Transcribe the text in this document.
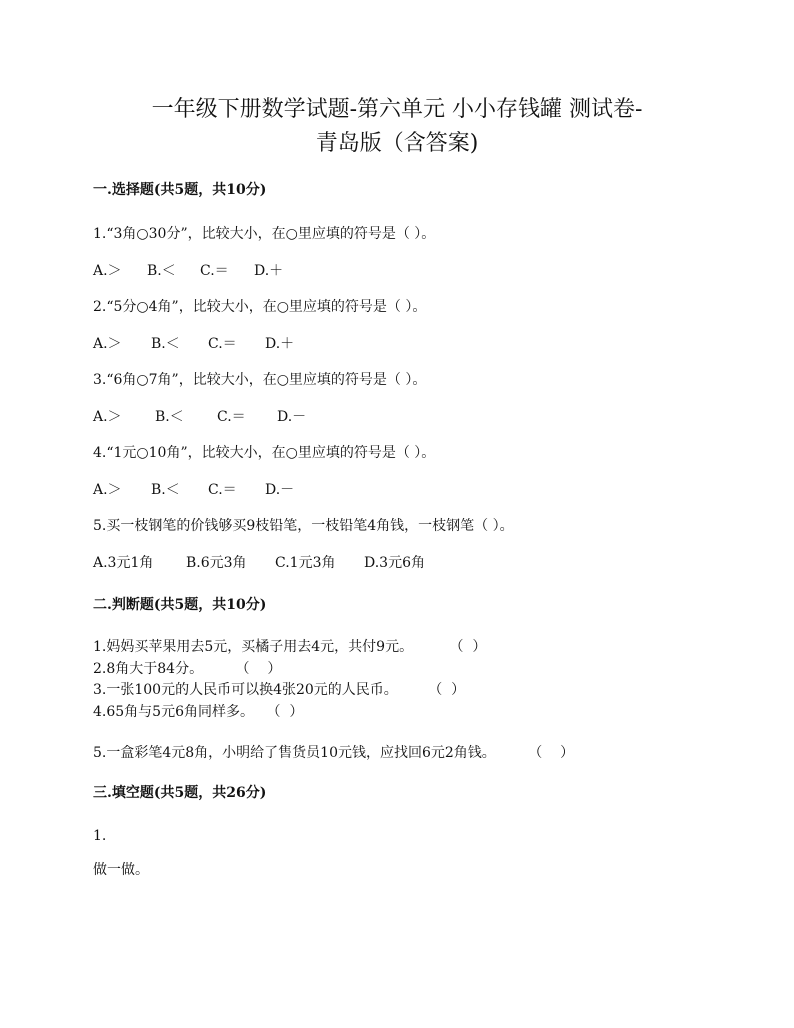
一年级下册数学试题-第六单元 小小存钱罐 测试卷-
青岛版（含答案)
一.选择题(共5题，共10分)
1.“3角○30分”，比较大小，在○里应填的符号是（ ）。
A.＞	B.＜	C.＝	D.＋
2.“5分○4角”，比较大小，在○里应填的符号是（ ）。
A.＞	B.＜	C.＝	D.＋
3.“6角○7角”，比较大小，在○里应填的符号是（ ）。
A.＞	B.＜	C.＝	D.－
4.“1元○10角”，比较大小，在○里应填的符号是（ ）。
A.＞	B.＜	C.＝	D.－
5.买一枝钢笔的价钱够买9枝铅笔，一枝铅笔4角钱，一枝钢笔（ ）。
A.3元1角	B.6元3角	C.1元3角	D.3元6角
二.判断题(共5题，共10分)
1.妈妈买苹果用去5元，买橘子用去4元，共付9元。	（  ）
2.8角大于84分。 （    ）
3.一张100元的人民币可以换4张20元的人民币。 （  ）
4.65角与5元6角同样多。 （  ）
5.一盒彩笔4元8角，小明给了售货员10元钱，应找回6元2角钱。 （    ）
三.填空题(共5题，共26分)
1.
做一做。
